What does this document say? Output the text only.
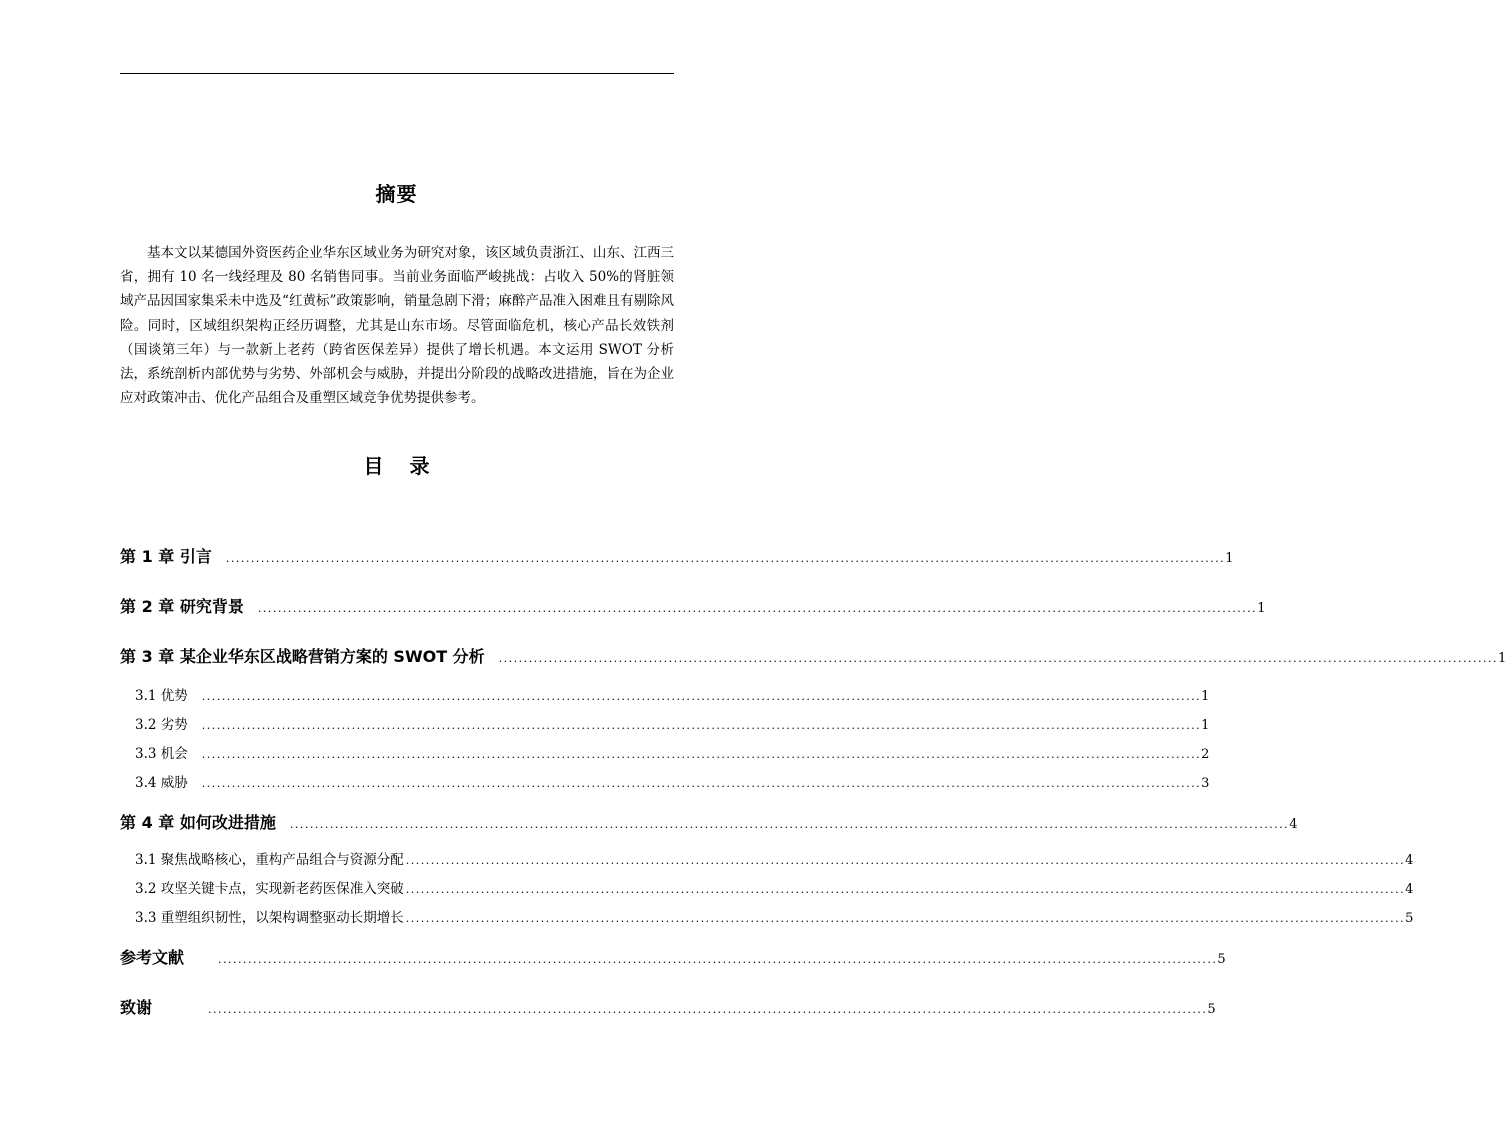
摘要

基本文以某德国外资医药企业华东区域业务为研究对象，该区域负责浙江、山东、江西三省，拥有 10 名一线经理及 80 名销售同事。当前业务面临严峻挑战：占收入 50%的肾脏领域产品因国家集采未中选及“红黄标”政策影响，销量急剧下滑；麻醉产品准入困难且有剔除风险。同时，区域组织架构正经历调整，尤其是山东市场。尽管面临危机，核心产品长效铁剂（国谈第三年）与一款新上老药（跨省医保差异）提供了增长机遇。本文运用 SWOT 分析法，系统剖析内部优势与劣势、外部机会与威胁，并提出分阶段的战略改进措施，旨在为企业应对政策冲击、优化产品组合及重塑区域竞争优势提供参考。

目录
第 1 章 引言 ........................................................................................................................................................................................................ 1
第 2 章 研究背景 ........................................................................................................................................................................................................ 1
第 3 章 某企业华东区战略营销方案的 SWOT 分析 ........................................................................................................................................................................................................ 1
3.1 优势 ........................................................................................................................................................................................................ 1
3.2 劣势 ........................................................................................................................................................................................................ 1
3.3 机会 ........................................................................................................................................................................................................ 2
3.4 威胁 ........................................................................................................................................................................................................ 3
第 4 章 如何改进措施 ........................................................................................................................................................................................................ 4
3.1 聚焦战略核心，重构产品组合与资源分配 ........................................................................................................................................................................................................ 4
3.2 攻坚关键卡点，实现新老药医保准入突破 ........................................................................................................................................................................................................ 4
3.3 重塑组织韧性，以架构调整驱动长期增长 ........................................................................................................................................................................................................ 5
参考文献	........................................................................................................................................................................................................ 5
致谢	........................................................................................................................................................................................................ 5
